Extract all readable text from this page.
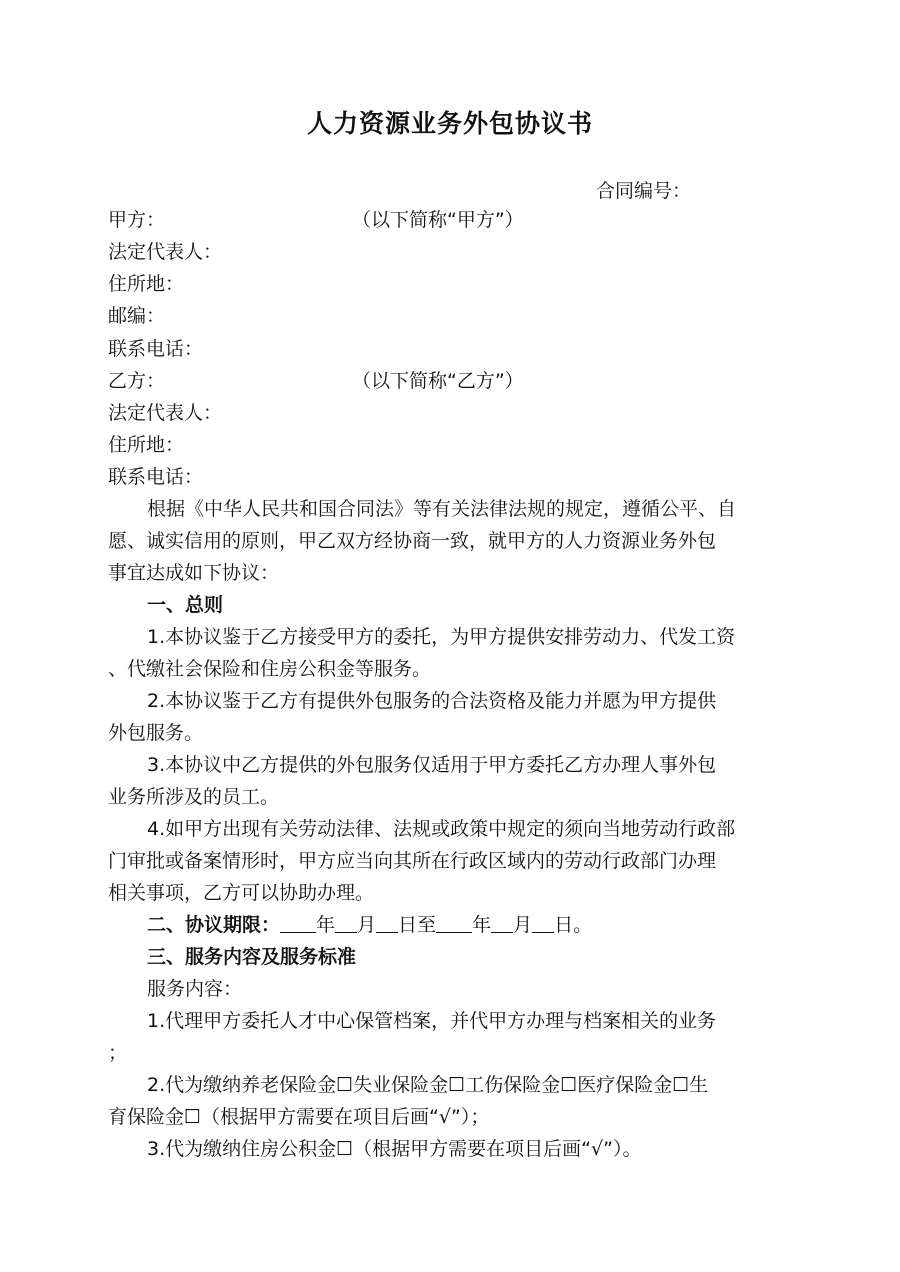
人力资源业务外包协议书
合同编号：
甲方：	（以下简称“甲方”）
法定代表人：
住所地：
邮编：
联系电话：
乙方：	（以下简称“乙方”）
法定代表人：
住所地：
联系电话：
根据《中华人民共和国合同法》等有关法律法规的规定，遵循公平、自
愿、诚实信用的原则，甲乙双方经协商一致，就甲方的人力资源业务外包
事宜达成如下协议：
一、总则
1.本协议鉴于乙方接受甲方的委托，为甲方提供安排劳动力、代发工资
、代缴社会保险和住房公积金等服务。
2.本协议鉴于乙方有提供外包服务的合法资格及能力并愿为甲方提供
外包服务。
3.本协议中乙方提供的外包服务仅适用于甲方委托乙方办理人事外包
业务所涉及的员工。
4.如甲方出现有关劳动法律、法规或政策中规定的须向当地劳动行政部
门审批或备案情形时，甲方应当向其所在行政区域内的劳动行政部门办理
相关事项，乙方可以协助办理。
二、协议期限： 年 月 日至 年 月 日。
三、服务内容及服务标准
服务内容：
1.代理甲方委托人才中心保管档案，并代甲方办理与档案相关的业务
；
2.代为缴纳养老保险金☐失业保险金☐工伤保险金☐医疗保险金☐生
育保险金☐（根据甲方需要在项目后画“√”）；
3.代为缴纳住房公积金☐（根据甲方需要在项目后画“√”）。
